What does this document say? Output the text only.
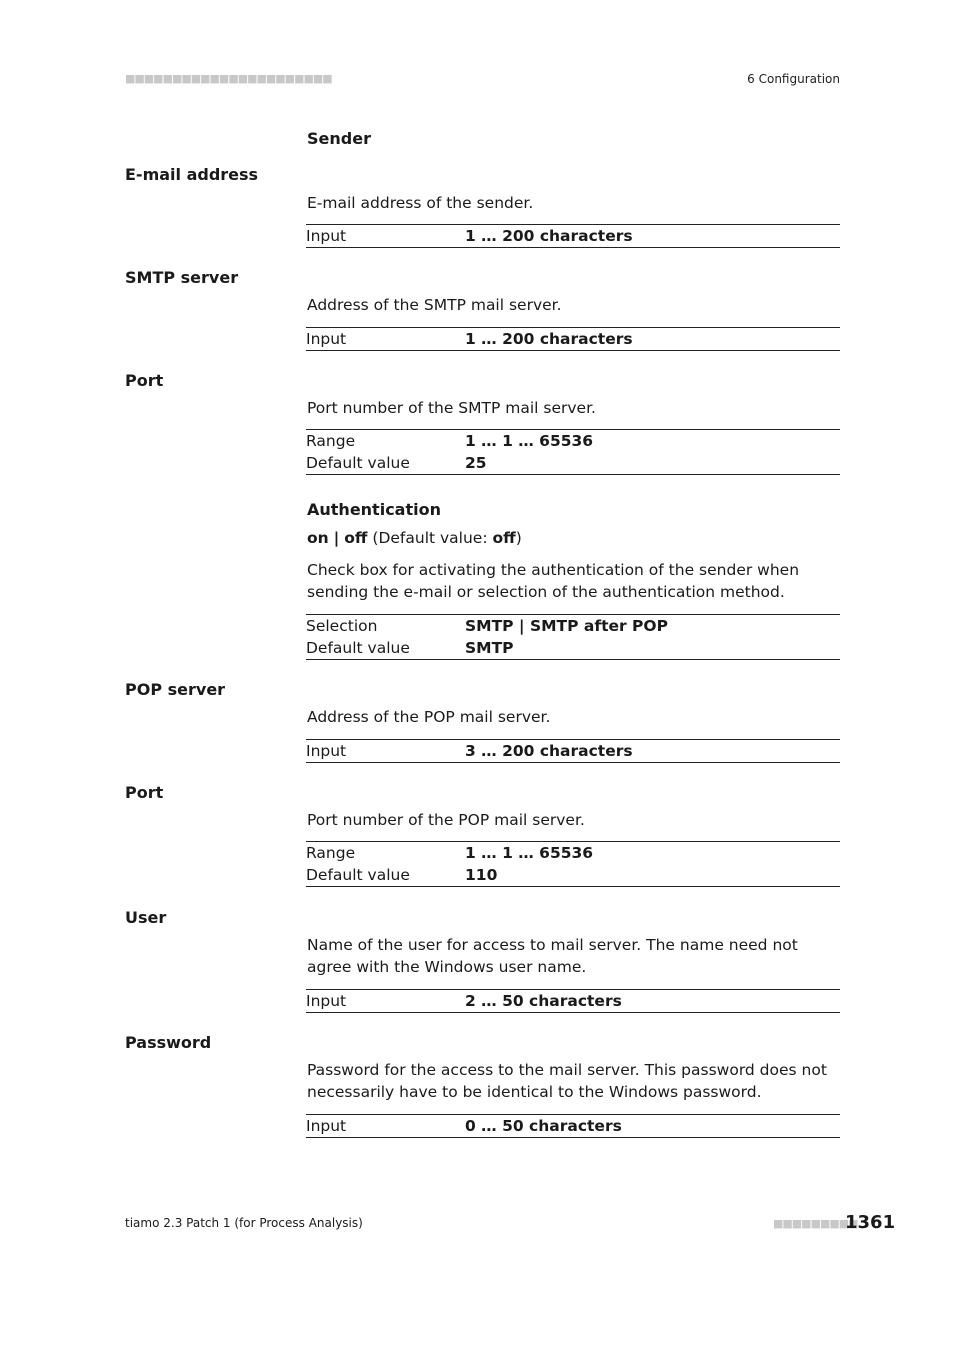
■■■■■■■■■■■■■■■■■■■■■■	6 Configuration
Sender
E-mail address
E-mail address of the sender.
Input	1 … 200 characters
SMTP server
Address of the SMTP mail server.
Input	1 … 200 characters
Port
Port number of the SMTP mail server.
Range	1 … 1 … 65536
Default value	25
Authentication
on | off (Default value: off)
Check box for activating the authentication of the sender when sending the e-mail or selection of the authentication method.
Selection	SMTP | SMTP after POP
Default value	SMTP
POP server
Address of the POP mail server.
Input	3 … 200 characters
Port
Port number of the POP mail server.
Range	1 … 1 … 65536
Default value	110
User
Name of the user for access to mail server. The name need not agree with the Windows user name.
Input	2 … 50 characters
Password
Password for the access to the mail server. This password does not necessarily have to be identical to the Windows password.
Input	0 … 50 characters
tiamo 2.3 Patch 1 (for Process Analysis)	■■■■■■■■■
1361
